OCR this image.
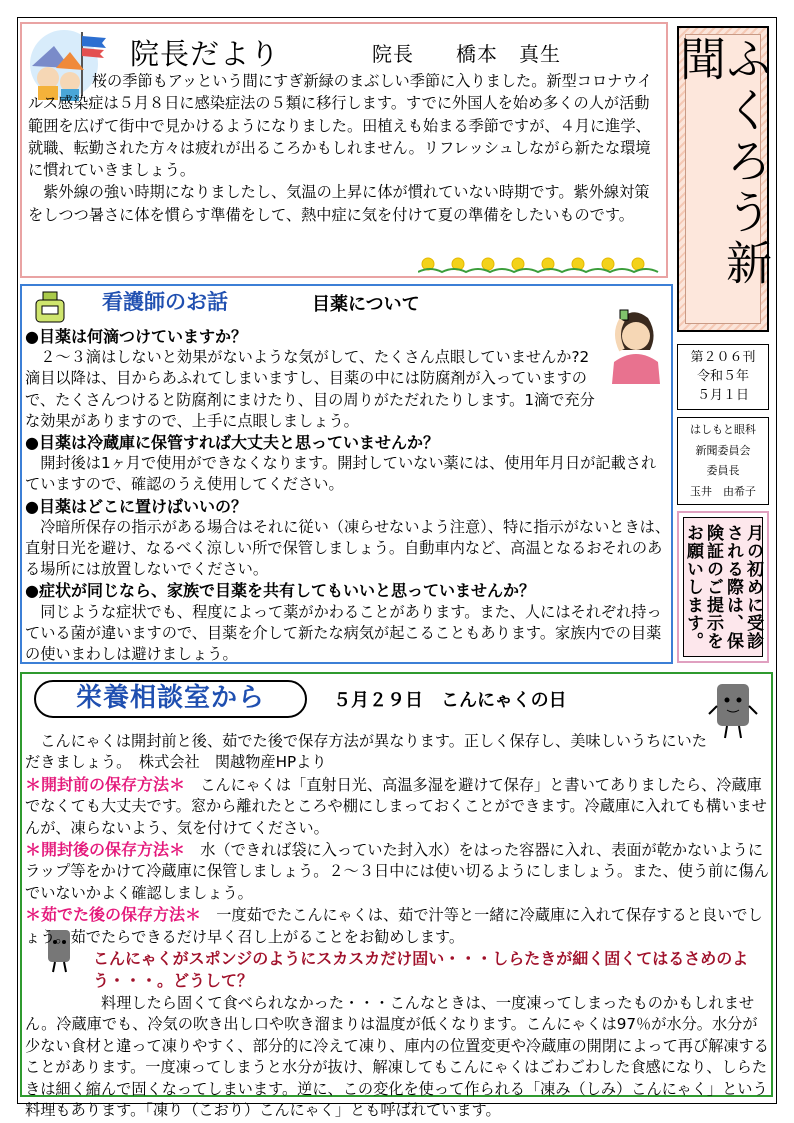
院長だより	院長　　橋本　真生

桜の季節もアッという間にすぎ新緑のまぶしい季節に入りました。新型コロナウイルス感染症は５月８日に感染症法の５類に移行します。すでに外国人を始め多くの人が活動範囲を広げて街中で見かけるようになりました。田植えも始まる季節ですが、４月に進学、就職、転勤された方々は疲れが出るころかもしれません。リフレッシュしながら新たな環境に慣れていきましょう。

紫外線の強い時期になりましたし、気温の上昇に体が慣れていない時期です。紫外線対策をしつつ暑さに体を慣らす準備をして、熱中症に気を付けて夏の準備をしたいものです。	ふくろう新聞
第２０６刊
令和５年
５月１日
はしもと眼科
新聞委員会
委員長
玉井　由希子
月の初めに受診される際は、保険証のご提示をお願いします。
看護師のお話	目薬について

●目薬は何滴つけていますか？

２～３滴はしないと効果がないような気がして、たくさん点眼していませんか?2滴目以降は、目からあふれてしまいますし、目薬の中には防腐剤が入っていますので、たくさんつけると防腐剤にまけたり、目の周りがただれたりします。1滴で充分な効果がありますので、上手に点眼しましょう。

●目薬は冷蔵庫に保管すれば大丈夫と思っていませんか？

開封後は1ヶ月で使用ができなくなります。開封していない薬には、使用年月日が記載されていますので、確認のうえ使用してください。

●目薬はどこに置けばいいの？

冷暗所保存の指示がある場合はそれに従い（凍らせないよう注意）、特に指示がないときは、直射日光を避け、なるべく涼しい所で保管しましょう。自動車内など、高温となるおそれのある場所には放置しないでください。

●症状が同じなら、家族で目薬を共有してもいいと思っていませんか？

同じような症状でも、程度によって薬がかわることがあります。また、人にはそれぞれ持っている菌が違いますので、目薬を介して新たな病気が起こることもあります。家族内での目薬の使いまわしは避けましょう。

栄養相談室から	５月２９日　こんにゃくの日

こんにゃくは開封前と後、茹でた後で保存方法が異なります。正しく保存し、美味しいうちにいただきましょう。　株式会社　関越物産HPより

＊開封前の保存方法＊　こんにゃくは「直射日光、高温多湿を避けて保存」と書いてありましたら、冷蔵庫でなくても大丈夫です。窓から離れたところや棚にしまっておくことができます。冷蔵庫に入れても構いませんが、凍らないよう、気を付けてください。

＊開封後の保存方法＊　水（できれば袋に入っていた封入水）をはった容器に入れ、表面が乾かないようにラップ等をかけて冷蔵庫に保管しましょう。２～３日中には使い切るようにしましょう。また、使う前に傷んでいないかよく確認しましょう。

＊茹でた後の保存方法＊　一度茹でたこんにゃくは、茹で汁等と一緒に冷蔵庫に入れて保存すると良いでしょう。茹でたらできるだけ早く召し上がることをお勧めします。

こんにゃくがスポンジのようにスカスカだけ固い・・・しらたきが細く固くてはるさめのよう・・・。どうして？

料理したら固くて食べられなかった・・・こんなときは、一度凍ってしまったものかもしれません。冷蔵庫でも、冷気の吹き出し口や吹き溜まりは温度が低くなります。こんにゃくは97％が水分。水分が少ない食材と違って凍りやすく、部分的に冷えて凍り、庫内の位置変更や冷蔵庫の開閉によって再び解凍することがあります。一度凍ってしまうと水分が抜け、解凍してもこんにゃくはごわごわした食感になり、しらたきは細く縮んで固くなってしまいます。逆に、この変化を使って作られる「凍み（しみ）こんにゃく」という料理もあります。「凍り（こおり）こんにゃく」とも呼ばれています。
